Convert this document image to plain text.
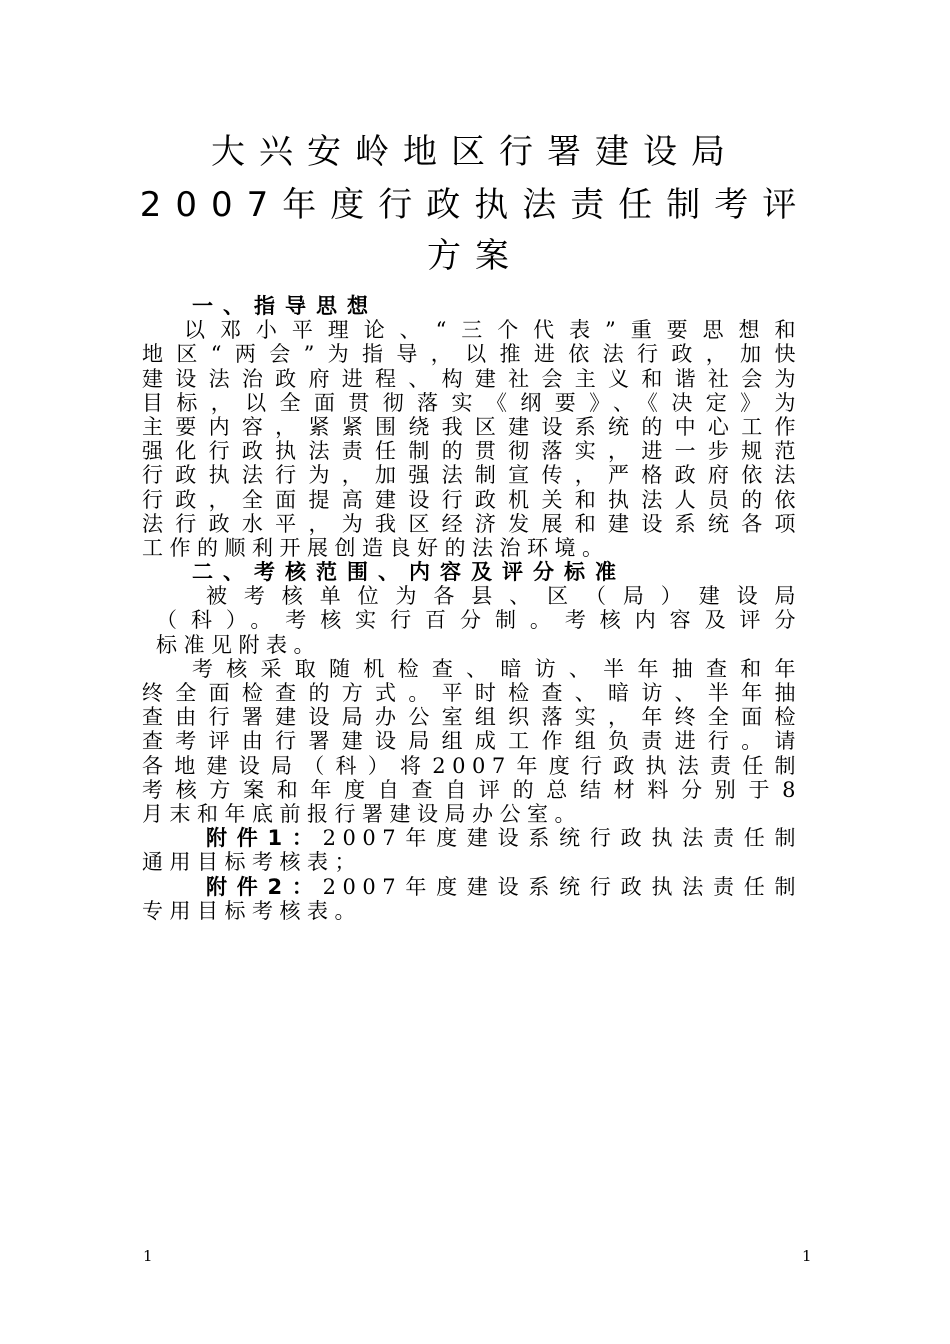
大兴安岭地区行署建设局
2007年度行政执法责任制考评
方案
一、指导思想
以邓小平理论、“三个代表”重要思想和
地区“两会”为指导，以推进依法行政，加快
建设法治政府进程、构建社会主义和谐社会为
目标，以全面贯彻落实《纲要》、《决定》为
主要内容，紧紧围绕我区建设系统的中心工作
强化行政执法责任制的贯彻落实，进一步规范
行政执法行为，加强法制宣传，严格政府依法
行政，全面提高建设行政机关和执法人员的依
法行政水平，为我区经济发展和建设系统各项
工作的顺利开展创造良好的法治环境。
二、考核范围、内容及评分标准
被考核单位为各县、区（局）建设局
（科）。考核实行百分制。考核内容及评分
标准见附表。
考核采取随机检查、暗访、半年抽查和年
终全面检查的方式。平时检查、暗访、半年抽
查由行署建设局办公室组织落实，年终全面检
查考评由行署建设局组成工作组负责进行。请
各地建设局（科）将2007年度行政执法责任制
考核方案和年度自查自评的总结材料分别于8
月末和年底前报行署建设局办公室。
附件1：2007年度建设系统行政执法责任制
通用目标考核表；
附件2：2007年度建设系统行政执法责任制
专用目标考核表。
1	1
